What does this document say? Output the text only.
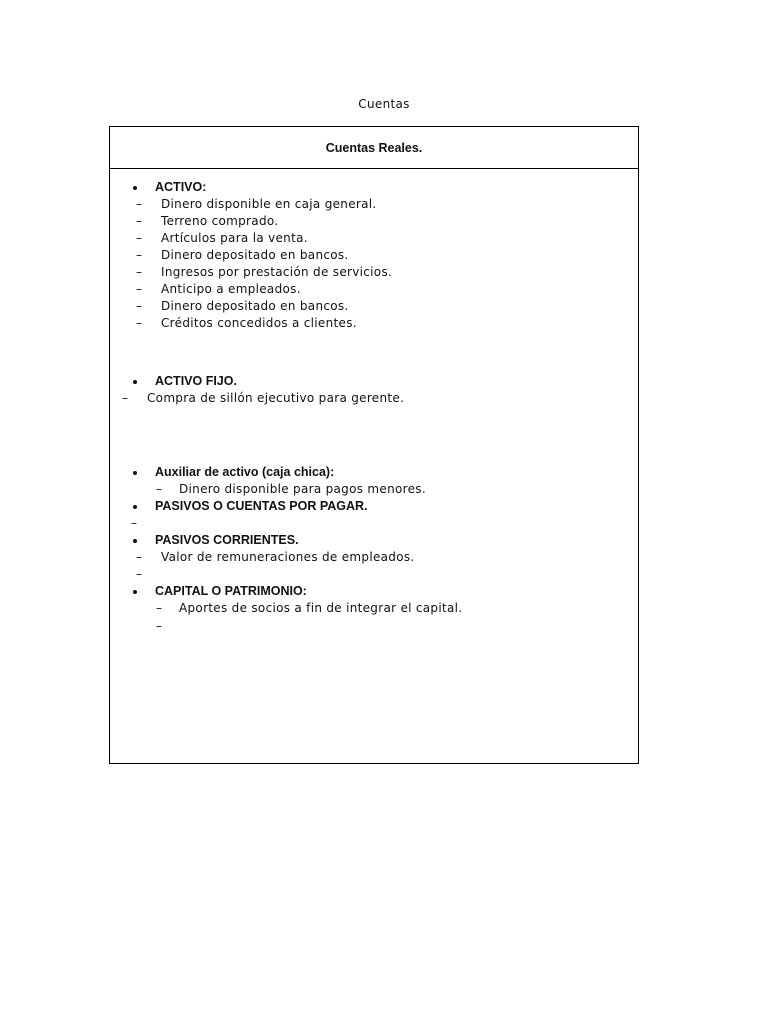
Cuentas
Cuentas Reales.
ACTIVO:
– Dinero disponible en caja general.
– Terreno comprado.
– Artículos para la venta.
– Dinero depositado en bancos.
– Ingresos por prestación de servicios.
– Anticipo a empleados.
– Dinero depositado en bancos.
– Créditos concedidos a clientes.
ACTIVO FIJO.
– Compra de sillón ejecutivo para gerente.
Auxiliar de activo (caja chica):
– Dinero disponible para pagos menores.
PASIVOS O CUENTAS POR PAGAR.
–
PASIVOS CORRIENTES.
– Valor de remuneraciones de empleados.
–
CAPITAL O PATRIMONIO:
– Aportes de socios a fin de integrar el capital.
–
